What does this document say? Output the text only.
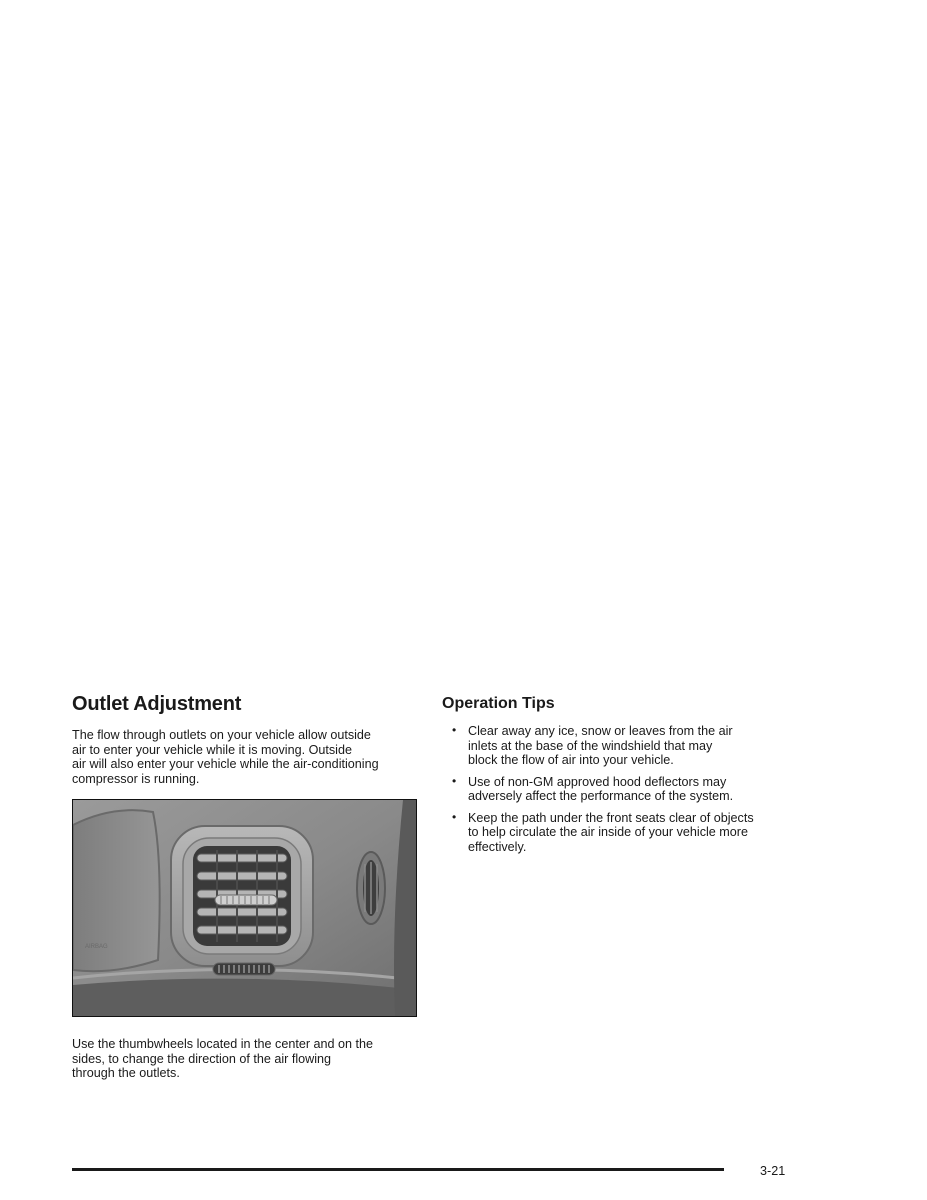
Outlet Adjustment

The flow through outlets on your vehicle allow outside
air to enter your vehicle while it is moving. Outside
air will also enter your vehicle while the air-conditioning
compressor is running.

AIRBAG

Use the thumbwheels located in the center and on the
sides, to change the direction of the air flowing
through the outlets.

Operation Tips
• Clear away any ice, snow or leaves from the air
inlets at the base of the windshield that may
block the flow of air into your vehicle.

• Use of non-GM approved hood deflectors may
adversely affect the performance of the system.

• Keep the path under the front seats clear of objects
to help circulate the air inside of your vehicle more
effectively.

3-21
